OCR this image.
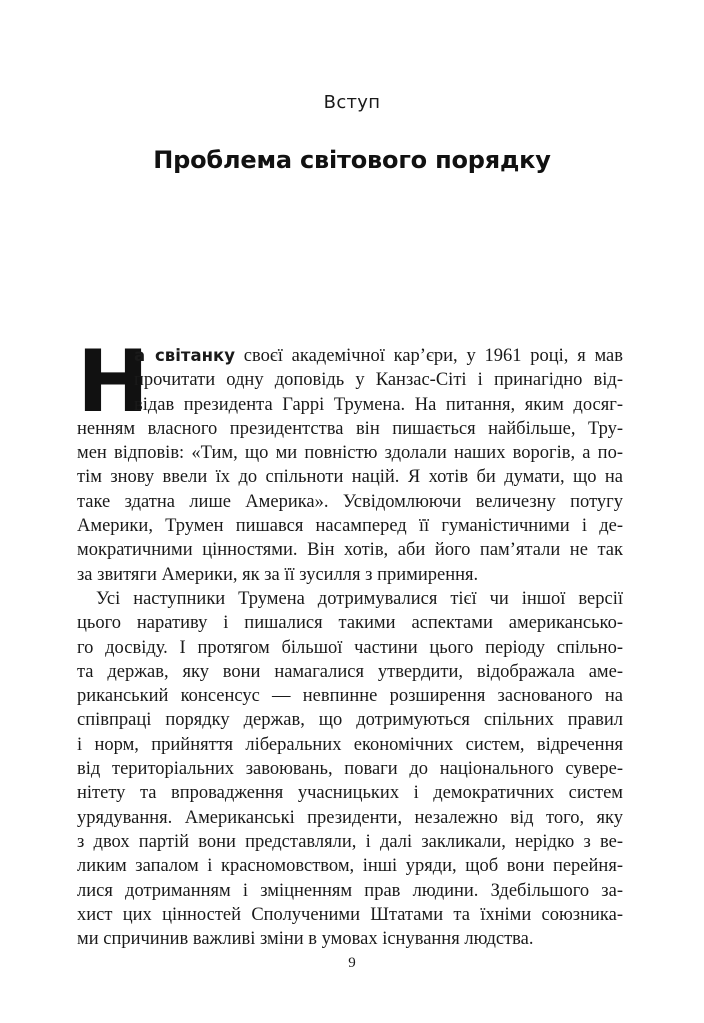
Вступ
Проблема світового порядку
Н
а світанку своєї академічної кар’єри, у 1961 році, я мав
прочитати одну доповідь у Канзас-Сіті і принагідно від-
відав президента Гаррі Трумена. На питання, яким досяг-
ненням власного президентства він пишається найбільше, Тру-
мен відповів: «Тим, що ми повністю здолали наших ворогів, а по-
тім знову ввели їх до спільноти націй. Я хотів би думати, що на
таке здатна лише Америка». Усвідомлюючи величезну потугу
Америки, Трумен пишався насамперед її гуманістичними і де-
мократичними цінностями. Він хотів, аби його пам’ятали не так
за звитяги Америки, як за її зусилля з примирення.
Усі наступники Трумена дотримувалися тієї чи іншої версії
цього наративу і пишалися такими аспектами американсько-
го досвіду. І протягом більшої частини цього періоду спільно-
та держав, яку вони намагалися утвердити, відображала аме-
риканський консенсус — невпинне розширення заснованого на
співпраці порядку держав, що дотримуються спільних правил
і норм, прийняття ліберальних економічних систем, відречення
від територіальних завоювань, поваги до національного сувере-
нітету та впровадження учасницьких і демократичних систем
урядування. Американські президенти, незалежно від того, яку
з двох партій вони представляли, і далі закликали, нерідко з ве-
ликим запалом і красномовством, інші уряди, щоб вони перейня-
лися дотриманням і зміцненням прав людини. Здебільшого за-
хист цих цінностей Сполученими Штатами та їхніми союзника-
ми спричинив важливі зміни в умовах існування людства.
9
